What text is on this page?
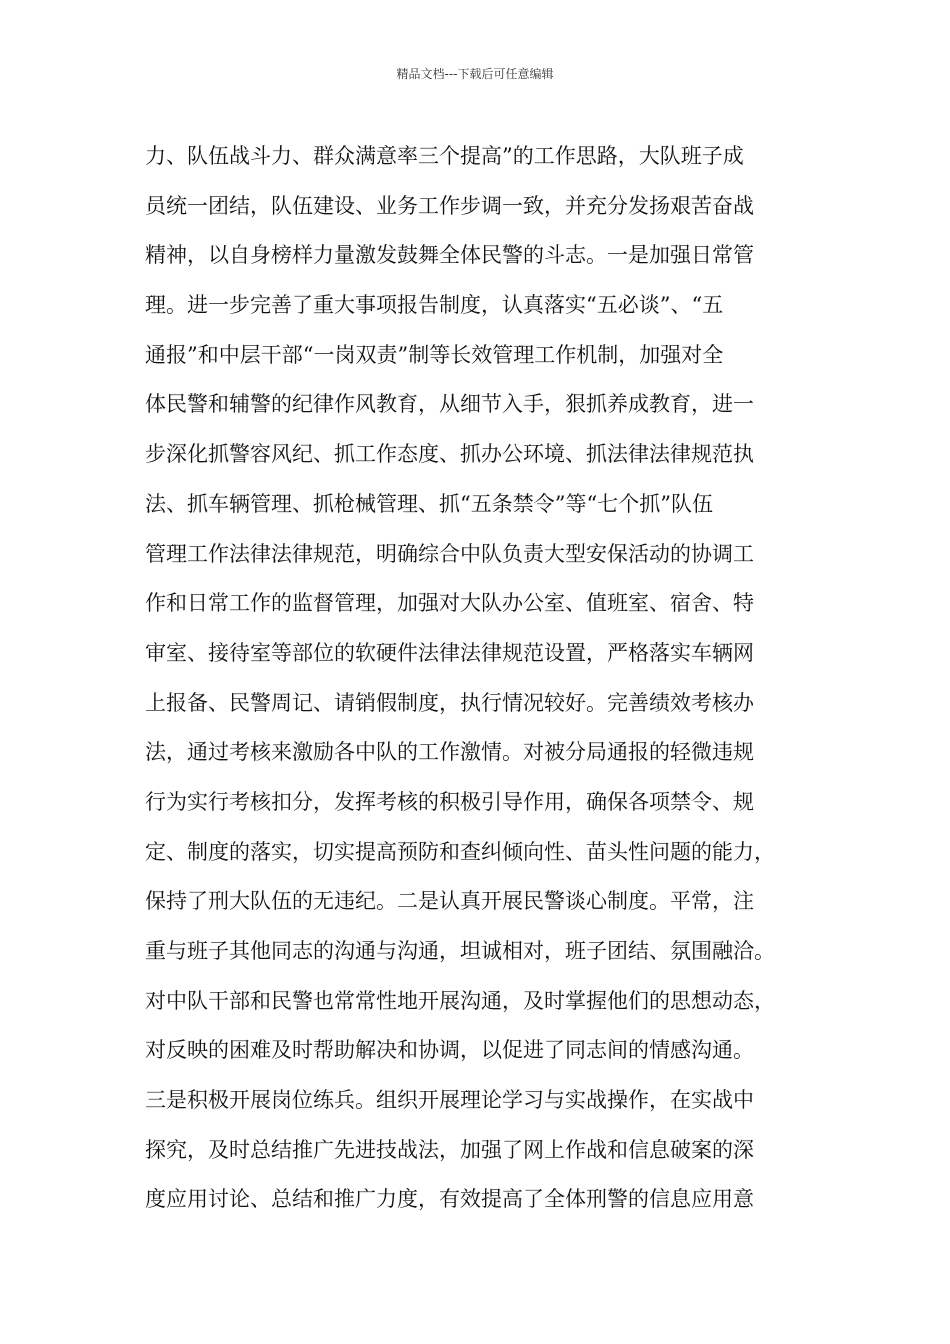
精品文档---下载后可任意编辑
力、队伍战斗力、群众满意率三个提高”的工作思路，大队班子成
员统一团结，队伍建设、业务工作步调一致，并充分发扬艰苦奋战
精神，以自身榜样力量激发鼓舞全体民警的斗志。一是加强日常管
理。进一步完善了重大事项报告制度，认真落实“五必谈”、“五
通报”和中层干部“一岗双责”制等长效管理工作机制，加强对全
体民警和辅警的纪律作风教育，从细节入手，狠抓养成教育，进一
步深化抓警容风纪、抓工作态度、抓办公环境、抓法律法律规范执
法、抓车辆管理、抓枪械管理、抓“五条禁令”等“七个抓”队伍
管理工作法律法律规范，明确综合中队负责大型安保活动的协调工
作和日常工作的监督管理，加强对大队办公室、值班室、宿舍、特
审室、接待室等部位的软硬件法律法律规范设置，严格落实车辆网
上报备、民警周记、请销假制度，执行情况较好。完善绩效考核办
法，通过考核来激励各中队的工作激情。对被分局通报的轻微违规
行为实行考核扣分，发挥考核的积极引导作用，确保各项禁令、规
定、制度的落实，切实提高预防和查纠倾向性、苗头性问题的能力，
保持了刑大队伍的无违纪。二是认真开展民警谈心制度。平常，注
重与班子其他同志的沟通与沟通，坦诚相对，班子团结、氛围融洽。
对中队干部和民警也常常性地开展沟通，及时掌握他们的思想动态，
对反映的困难及时帮助解决和协调，以促进了同志间的情感沟通。
三是积极开展岗位练兵。组织开展理论学习与实战操作，在实战中
探究，及时总结推广先进技战法，加强了网上作战和信息破案的深
度应用讨论、总结和推广力度，有效提高了全体刑警的信息应用意
